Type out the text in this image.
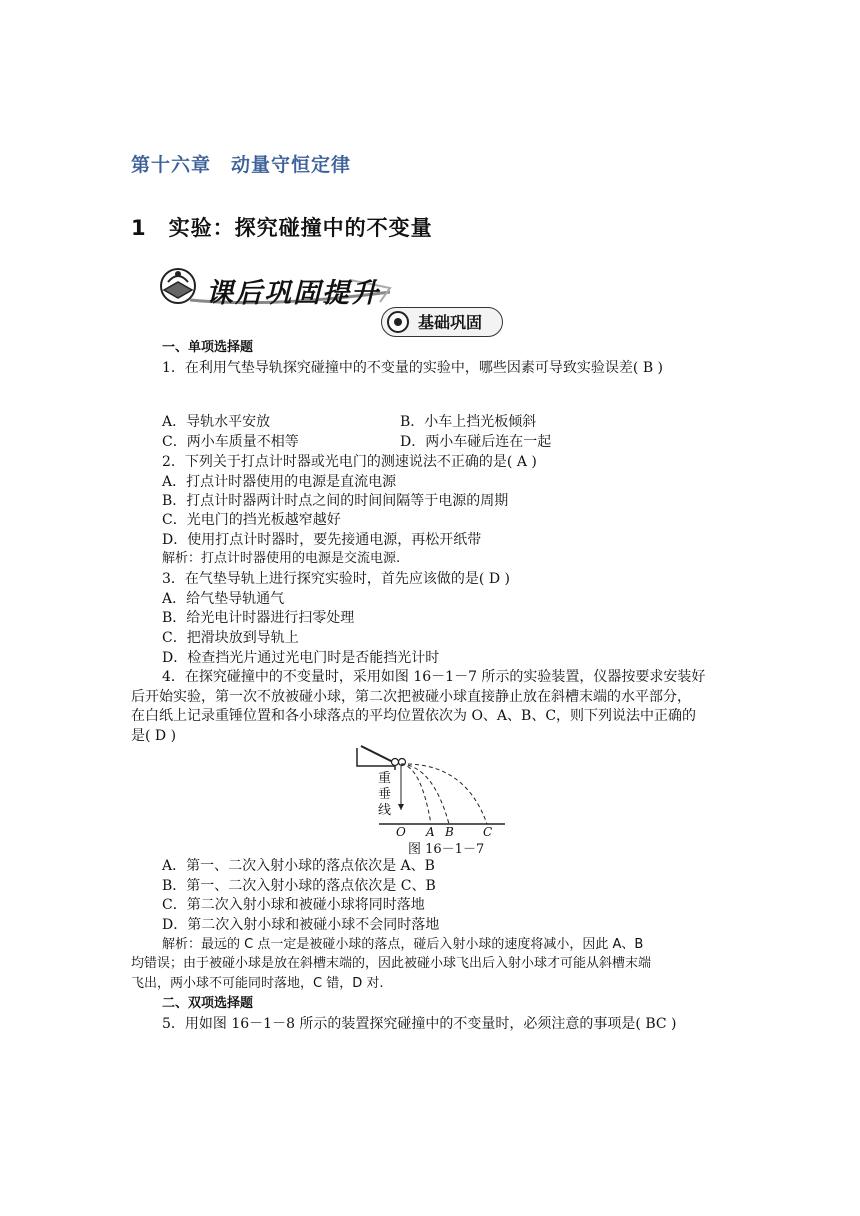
第十六章　动量守恒定律
1　实验：探究碰撞中的不变量
课后巩固提升
基础巩固
一、单项选择题
1．在利用气垫导轨探究碰撞中的不变量的实验中，哪些因素可导致实验误差( B )
A．导轨水平安放	B．小车上挡光板倾斜
C．两小车质量不相等	D．两小车碰后连在一起
2．下列关于打点计时器或光电门的测速说法不正确的是( A )
A．打点计时器使用的电源是直流电源
B．打点计时器两计时点之间的时间间隔等于电源的周期
C．光电门的挡光板越窄越好
D．使用打点计时器时，要先接通电源，再松开纸带
解析：打点计时器使用的电源是交流电源.
3．在气垫导轨上进行探究实验时，首先应该做的是( D )
A．给气垫导轨通气
B．给光电计时器进行扫零处理
C．把滑块放到导轨上
D．检查挡光片通过光电门时是否能挡光计时
4．在探究碰撞中的不变量时，采用如图 16－1－7 所示的实验装置，仪器按要求安装好
后开始实验，第一次不放被碰小球，第二次把被碰小球直接静止放在斜槽末端的水平部分，
在白纸上记录重锤位置和各小球落点的平均位置依次为 O、A、B、C，则下列说法中正确的
是( D )
重
垂
线
O A B C
图 16－1－7
A．第一、二次入射小球的落点依次是 A、B
B．第一、二次入射小球的落点依次是 C、B
C．第二次入射小球和被碰小球将同时落地
D．第二次入射小球和被碰小球不会同时落地
解析：最远的 C 点一定是被碰小球的落点，碰后入射小球的速度将减小，因此 A、B
均错误；由于被碰小球是放在斜槽末端的，因此被碰小球飞出后入射小球才可能从斜槽末端
飞出，两小球不可能同时落地，C 错，D 对.
二、双项选择题
5．用如图 16－1－8 所示的装置探究碰撞中的不变量时，必须注意的事项是( BC )
